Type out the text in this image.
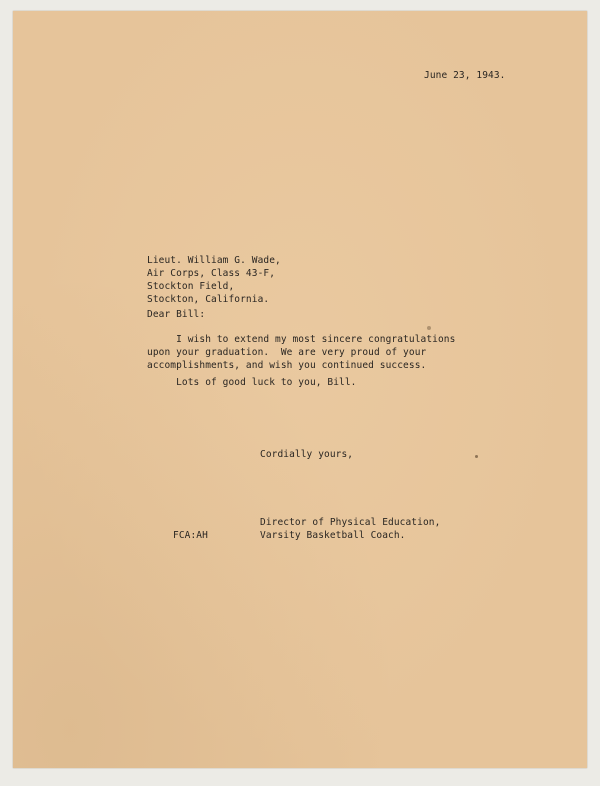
June 23, 1943.

Lieut. William G. Wade,
Air Corps, Class 43-F,
Stockton Field,
Stockton, California.

Dear Bill:

I wish to extend my most sincere congratulations
upon your graduation.  We are very proud of your
accomplishments, and wish you continued success.

Lots of good luck to you, Bill.

Cordially yours,

Director of Physical Education,
Varsity Basketball Coach.

FCA:AH
